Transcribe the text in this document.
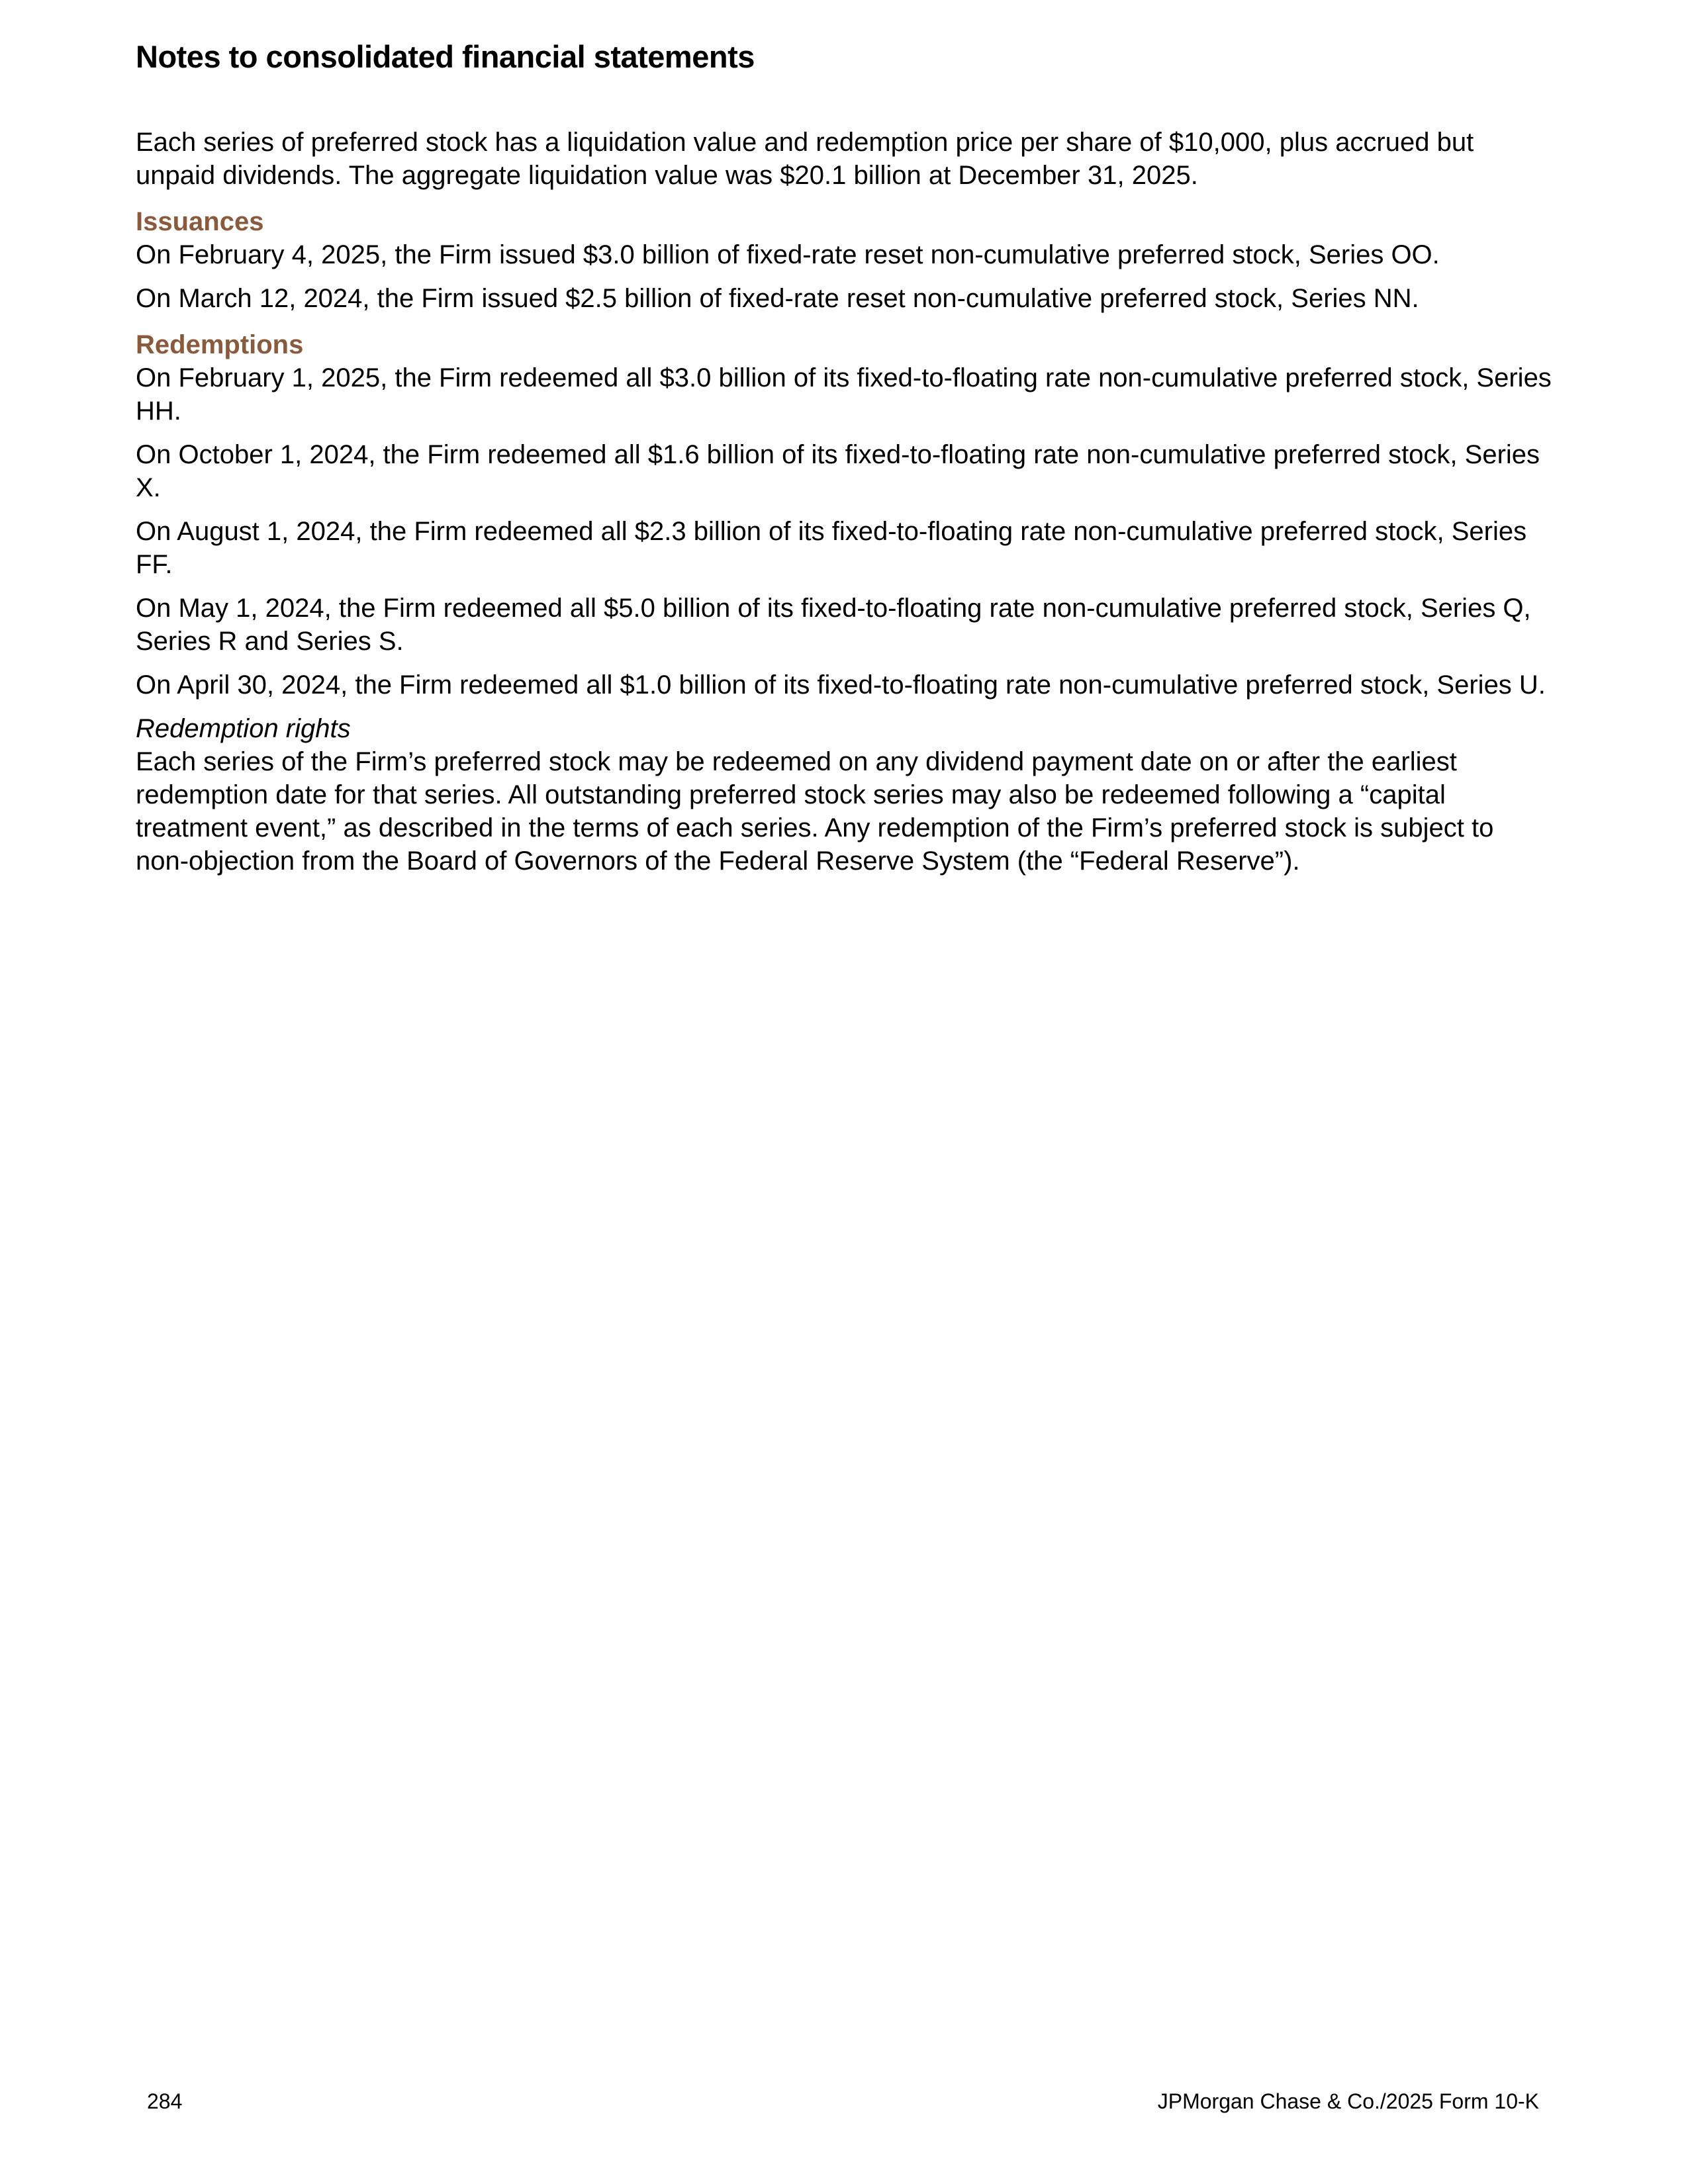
Notes to consolidated financial statements

Each series of preferred stock has a liquidation value and redemption price per share of $10,000, plus accrued but unpaid dividends. The aggregate liquidation value was $20.1 billion at December 31, 2025.

Issuances

On February 4, 2025, the Firm issued $3.0 billion of fixed-rate reset non-cumulative preferred stock, Series OO.

On March 12, 2024, the Firm issued $2.5 billion of fixed-rate reset non-cumulative preferred stock, Series NN.

Redemptions

On February 1, 2025, the Firm redeemed all $3.0 billion of its fixed-to-floating rate non-cumulative preferred stock, Series HH.

On October 1, 2024, the Firm redeemed all $1.6 billion of its fixed-to-floating rate non-cumulative preferred stock, Series X.

On August 1, 2024, the Firm redeemed all $2.3 billion of its fixed-to-floating rate non-cumulative preferred stock, Series FF.

On May 1, 2024, the Firm redeemed all $5.0 billion of its fixed-to-floating rate non-cumulative preferred stock, Series Q, Series R and Series S.

On April 30, 2024, the Firm redeemed all $1.0 billion of its fixed-to-floating rate non-cumulative preferred stock, Series U.

Redemption rights

Each series of the Firm’s preferred stock may be redeemed on any dividend payment date on or after the earliest redemption date for that series. All outstanding preferred stock series may also be redeemed following a “capital treatment event,” as described in the terms of each series. Any redemption of the Firm’s preferred stock is subject to non-objection from the Board of Governors of the Federal Reserve System (the “Federal Reserve”).

284	JPMorgan Chase & Co./2025 Form 10-K
